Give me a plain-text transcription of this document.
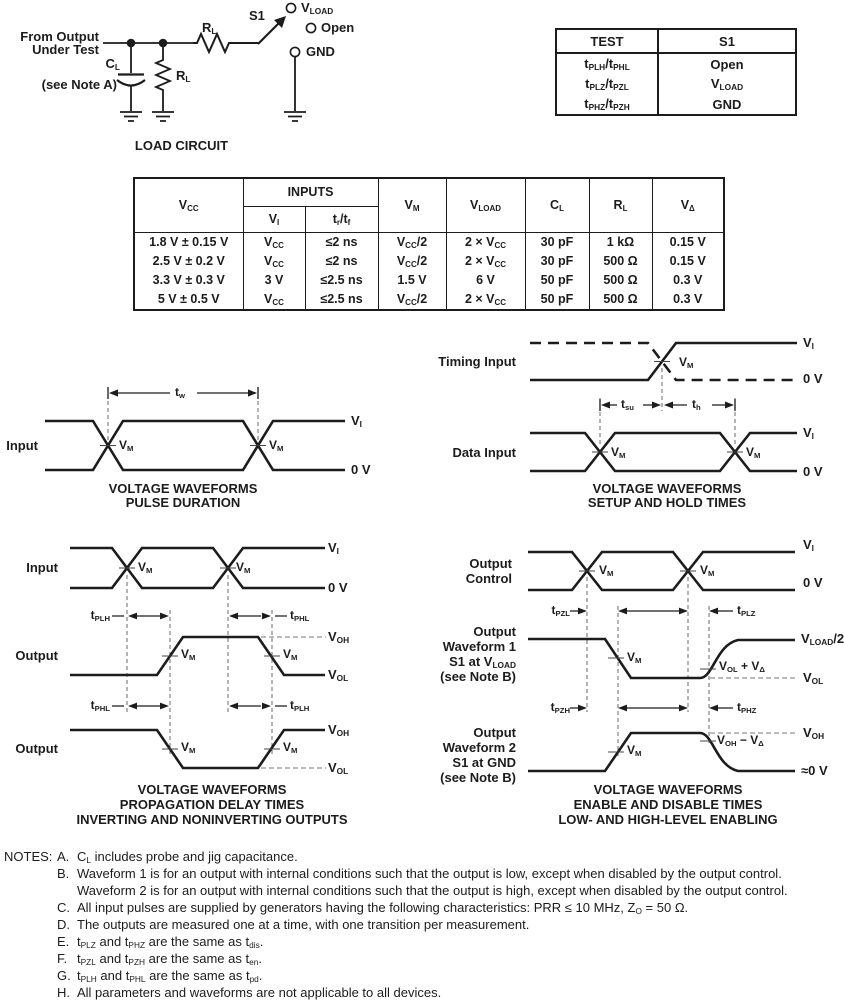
From Output
Under Test
$C_L$
(see Note A)
$R_L$
$R_L$
S1
$V_{LOAD}$
Open
GND
LOAD CIRCUIT
TEST	S1
$t_{PLH}/t_{PHL}$	Open
$t_{PLZ}/t_{PZL}$	$V_{LOAD}$
$t_{PHZ}/t_{PZH}$	GND
$V_{CC}$	INPUTS		$V_M$	$V_{LOAD}$	$C_L$	$R_L$	$V_\Delta$
	$V_I$	$t_r/t_f$
1.8 V ± 0.15 V	$V_{CC}$	≤2 ns	$V_{CC}/2$	$2 \times V_{CC}$	30 pF	1 kΩ	0.15 V
2.5 V ± 0.2 V	$V_{CC}$	≤2 ns	$V_{CC}/2$	$2 \times V_{CC}$	30 pF	500 Ω	0.15 V
3.3 V ± 0.3 V	3 V	≤2.5 ns	1.5 V	6 V	50 pF	500 Ω	0.3 V
5 V ± 0.5 V	$V_{CC}$	≤2.5 ns	$V_{CC}/2$	$2 \times V_{CC}$	50 pF	500 Ω	0.3 V
Input	$V_M$	$V_M$
$t_w$
$V_I$
0 V
VOLTAGE WAVEFORMS
PULSE DURATION
Timing Input
Data Input
$V_M$
$V_M$	$V_M$
$t_{su}$	$t_h$
$V_I$
0 V
$V_I$
0 V
VOLTAGE WAVEFORMS
SETUP AND HOLD TIMES
Input
Output
Output
$V_M$	$V_M$
$V_M$	$V_M$
$V_M$	$V_M$
$t_{PLH}$	$t_{PHL}$
$t_{PHL}$	$t_{PLH}$
$V_I$
0 V
$V_{OH}$
$V_{OL}$
$V_{OH}$
$V_{OL}$
VOLTAGE WAVEFORMS
PROPAGATION DELAY TIMES
INVERTING AND NONINVERTING OUTPUTS
Output
Control
Output
Waveform 1
S1 at $V_{LOAD}$
(see Note B)
Output
Waveform 2
S1 at GND
(see Note B)
$V_M$	$V_M$
$V_M$
$V_M$
$t_{PZL}$	$t_{PLZ}$
$t_{PZH}$	$t_{PHZ}$
$V_{OL} + V_\Delta$
$V_{OH} - V_\Delta$
$V_I$
0 V
$V_{LOAD}/2$
$V_{OL}$
$V_{OH}$
≈0 V
VOLTAGE WAVEFORMS
ENABLE AND DISABLE TIMES
LOW- AND HIGH-LEVEL ENABLING
NOTES: A. $C_L$ includes probe and jig capacitance.
B. Waveform 1 is for an output with internal conditions such that the output is low, except when disabled by the output control.
Waveform 2 is for an output with internal conditions such that the output is high, except when disabled by the output control.
C. All input pulses are supplied by generators having the following characteristics: PRR ≤ 10 MHz, $Z_O = 50$ Ω.
D. The outputs are measured one at a time, with one transition per measurement.
E. $t_{PLZ}$ and $t_{PHZ}$ are the same as $t_{dis}$.
F. $t_{PZL}$ and $t_{PZH}$ are the same as $t_{en}$.
G. $t_{PLH}$ and $t_{PHL}$ are the same as $t_{pd}$.
H. All parameters and waveforms are not applicable to all devices.
